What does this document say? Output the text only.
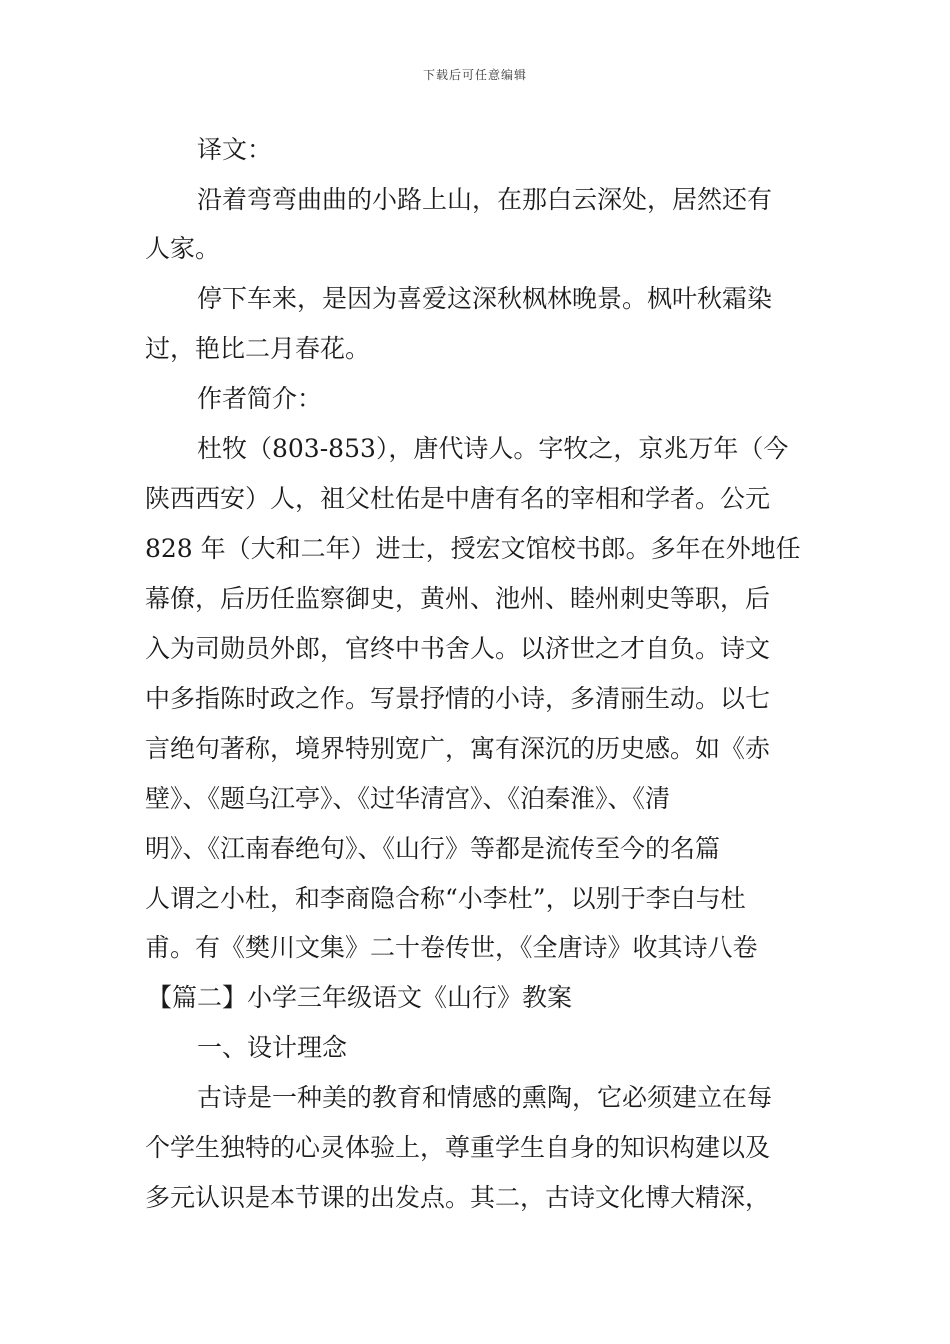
下载后可任意编辑
译文：
沿着弯弯曲曲的小路上山，在那白云深处，居然还有
人家。
停下车来，是因为喜爱这深秋枫林晚景。枫叶秋霜染
过，艳比二月春花。
作者简介：
杜牧（803-853），唐代诗人。字牧之，京兆万年（今
陕西西安）人，祖父杜佑是中唐有名的宰相和学者。公元
828 年（大和二年）进士，授宏文馆校书郎。多年在外地任
幕僚，后历任监察御史，黄州、池州、睦州刺史等职，后
入为司勋员外郎，官终中书舍人。以济世之才自负。诗文
中多指陈时政之作。写景抒情的小诗，多清丽生动。以七
言绝句著称，境界特别宽广，寓有深沉的历史感。如《赤
壁》、《题乌江亭》、《过华清宫》、《泊秦淮》、《清
明》、《江南春绝句》、《山行》等都是流传至今的名篇
人谓之小杜，和李商隐合称“小李杜”，以别于李白与杜
甫。有《樊川文集》二十卷传世，《全唐诗》收其诗八卷
【篇二】小学三年级语文《山行》教案
一、设计理念
古诗是一种美的教育和情感的熏陶，它必须建立在每
个学生独特的心灵体验上，尊重学生自身的知识构建以及
多元认识是本节课的出发点。其二，古诗文化博大精深，
